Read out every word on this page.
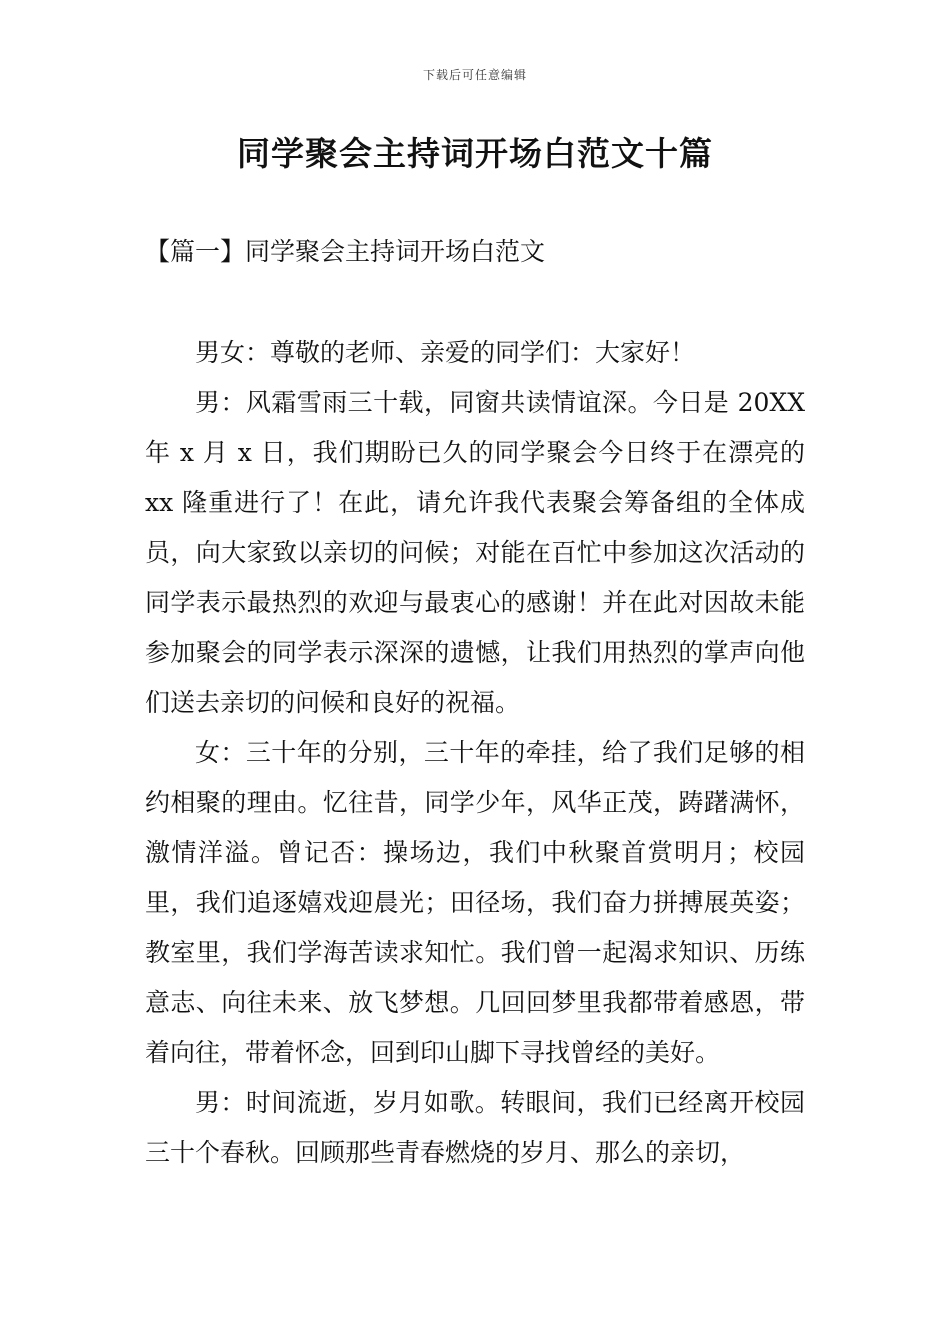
下载后可任意编辑
同学聚会主持词开场白范文十篇
【篇一】同学聚会主持词开场白范文

男女：尊敬的老师、亲爱的同学们：大家好！

男：风霜雪雨三十载，同窗共读情谊深。今日是 20XX 年 x 月 x 日，我们期盼已久的同学聚会今日终于在漂亮的 xx 隆重进行了！在此，请允许我代表聚会筹备组的全体成员，向大家致以亲切的问候；对能在百忙中参加这次活动的同学表示最热烈的欢迎与最衷心的感谢！并在此对因故未能参加聚会的同学表示深深的遗憾，让我们用热烈的掌声向他们送去亲切的问候和良好的祝福。

女：三十年的分别，三十年的牵挂，给了我们足够的相约相聚的理由。忆往昔，同学少年，风华正茂，踌躇满怀，激情洋溢。曾记否：操场边，我们中秋聚首赏明月；校园里，我们追逐嬉戏迎晨光；田径场，我们奋力拼搏展英姿；教室里，我们学海苦读求知忙。我们曾一起渴求知识、历练意志、向往未来、放飞梦想。几回回梦里我都带着感恩，带着向往，带着怀念，回到印山脚下寻找曾经的美好。

男：时间流逝，岁月如歌。转眼间，我们已经离开校园三十个春秋。回顾那些青春燃烧的岁月、那么的亲切，
